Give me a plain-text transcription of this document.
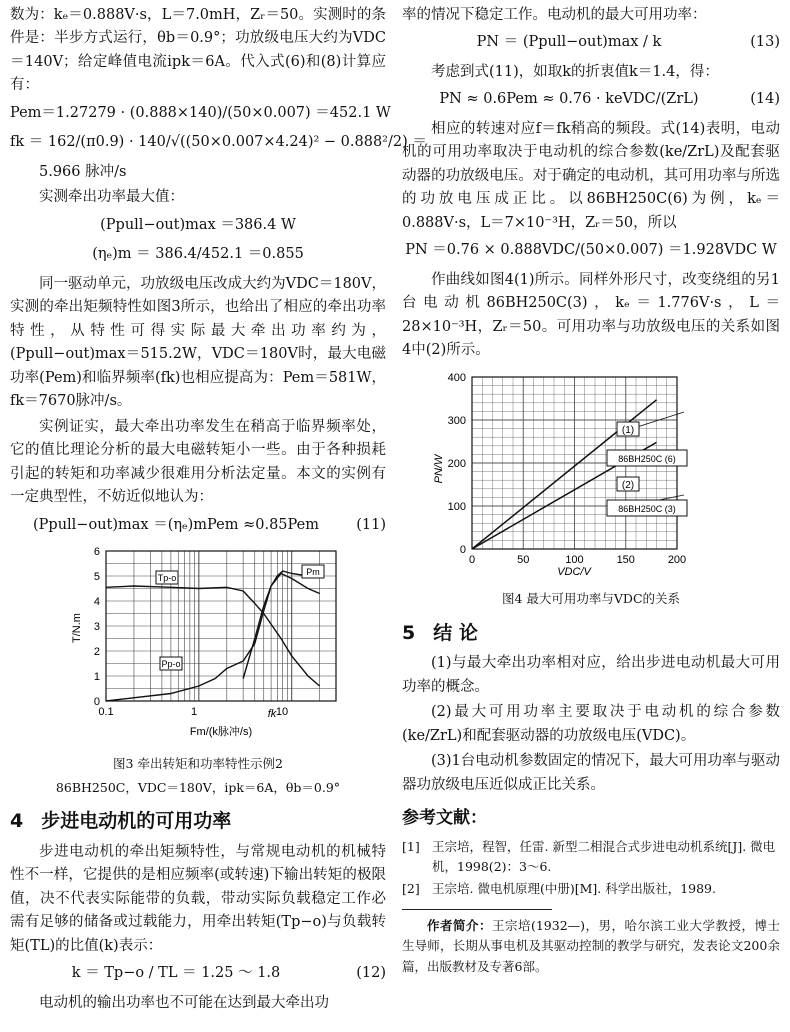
数为：kₑ＝0.888V·s，L＝7.0mH，Zᵣ＝50。实测时的条件是：半步方式运行，θb＝0.9°；功放级电压大约为VDC＝140V；给定峰值电流ipk＝6A。代入式(6)和(8)计算应有：

Pem＝1.27279 · (0.888×140)/(50×0.007) ＝452.1 W
fk ＝ 162/(π0.9) · 140/√((50×0.007×4.24)² − 0.888²/2) ＝

5.966 脉冲/s

实测牵出功率最大值：

(Ppull−out)max ＝386.4 W
(ηₑ)m ＝ 386.4/452.1 ＝0.855

同一驱动单元，功放级电压改成大约为VDC＝180V，实测的牵出矩频特性如图3所示，也给出了相应的牵出功率特性，从特性可得实际最大牵出功率约为，(Ppull−out)max＝515.2W，VDC＝180V时，最大电磁功率(Pem)和临界频率(fk)也相应提高为：Pem＝581W，fk＝7670脉冲/s。

实例证实，最大牵出功率发生在稍高于临界频率处，它的值比理论分析的最大电磁转矩小一些。由于各种损耗引起的转矩和功率减少很难用分析法定量。本文的实例有一定典型性，不妨近似地认为：

(Ppull−out)max ＝(ηₑ)mPem ≈0.85Pem	(11)
0
1
2
3
4
5
6
T/N.m
0.1	1	10
fk
Fm/(k脉冲/s)
Tp-o
Pm
Pp-o
图3 牵出转矩和功率特性示例2
86BH250C，VDC＝180V，ipk＝6A，θb＝0.9°
4 步进电动机的可用功率

步进电动机的牵出矩频特性，与常规电动机的机械特性不一样，它提供的是相应频率(或转速)下输出转矩的极限值，决不代表实际能带的负载，带动实际负载稳定工作必需有足够的储备或过载能力，用牵出转矩(Tp−o)与负载转矩(TL)的比值(k)表示：

k ＝ Tp−o / TL ＝ 1.25 ～ 1.8	(12)

电动机的输出功率也不可能在达到最大牵出功

率的情况下稳定工作。电动机的最大可用功率：

PN ＝ (Ppull−out)max / k	(13)

考虑到式(11)，如取k的折衷值k＝1.4，得：

PN ≈ 0.6Pem ≈ 0.76 · keVDC/(ZrL)	(14)

相应的转速对应f＝fk稍高的频段。式(14)表明，电动机的可用功率取决于电动机的综合参数(ke/ZrL)及配套驱动器的功放级电压。对于确定的电动机，其可用功率与所选的功放电压成正比。以86BH250C(6)为例，kₑ＝0.888V·s，L＝7×10⁻³H，Zᵣ＝50，所以

PN ＝0.76 × 0.888VDC/(50×0.007) ＝1.928VDC W

作曲线如图4(1)所示。同样外形尺寸，改变绕组的另1台电动机86BH250C(3)，kₑ＝1.776V·s，L＝28×10⁻³H，Zᵣ＝50。可用功率与功放级电压的关系如图4中(2)所示。

0	50	100	150	200
0
100
200
300
400
PN/W
VDC/V
(1)
(2)
86BH250C (6)
86BH250C (3)
图4 最大可用功率与VDC的关系
5 结 论

(1)与最大牵出功率相对应，给出步进电动机最大可用功率的概念。

(2)最大可用功率主要取决于电动机的综合参数(ke/ZrL)和配套驱动器的功放级电压(VDC)。

(3)1台电动机参数固定的情况下，最大可用功率与驱动器功放级电压近似成正比关系。

参考文献：
[1] 王宗培，程智，任雷. 新型二相混合式步进电动机系统[J]. 微电机，1998(2)：3～6.
[2] 王宗培. 微电机原理(中册)[M]. 科学出版社，1989.
作者简介：王宗培(1932—)，男，哈尔滨工业大学教授，博士生导师，长期从事电机及其驱动控制的教学与研究，发表论文200余篇，出版教材及专著6部。
